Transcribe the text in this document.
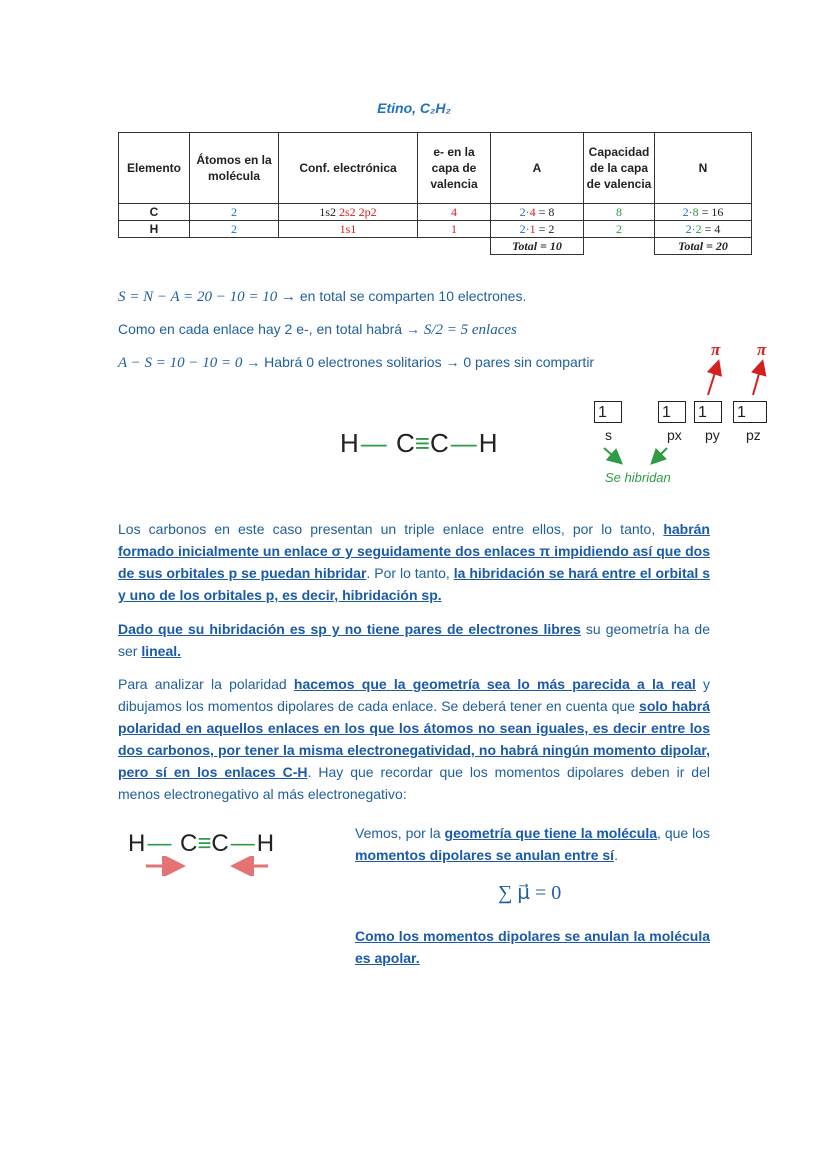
Etino, C₂H₂
Elemento	Átomos en la molécula	Conf. electrónica	e- en la capa de valencia	A	Capacidad de la capa de valencia	N
C	2	1s2 2s2 2p2	4	2·4 = 8	8	2·8 = 16
H	2	1s1	1	2·1 = 2	2	2·2 = 4
				Total = 10		Total = 20
S = N − A = 20 − 10 = 10 → en total se comparten 10 electrones.
Como en cada enlace hay 2 e-, en total habrá → S/2 = 5 enlaces
A − S = 10 − 10 = 0 → Habrá 0 electrones solitarios → 0 pares sin compartir
H— C≡C—H
π π
1	1	1	1
s	px py pz
Se hibridan
Los carbonos en este caso presentan un triple enlace entre ellos, por lo tanto, habrán formado inicialmente un enlace σ y seguidamente dos enlaces π impidiendo así que dos de sus orbitales p se puedan hibridar. Por lo tanto, la hibridación se hará entre el orbital s y uno de los orbitales p, es decir, hibridación sp.
Dado que su hibridación es sp y no tiene pares de electrones libres su geometría ha de ser lineal.
Para analizar la polaridad hacemos que la geometría sea lo más parecida a la real y dibujamos los momentos dipolares de cada enlace. Se deberá tener en cuenta que solo habrá polaridad en aquellos enlaces en los que los átomos no sean iguales, es decir entre los dos carbonos, por tener la misma electronegatividad, no habrá ningún momento dipolar, pero sí en los enlaces C-H. Hay que recordar que los momentos dipolares deben ir del menos electronegativo al más electronegativo:
H— C≡C—H	Vemos, por la geometría que tiene la molécula, que los momentos dipolares se anulan entre sí.
∑ μ⃗ = 0
Como los momentos dipolares se anulan la molécula es apolar.
